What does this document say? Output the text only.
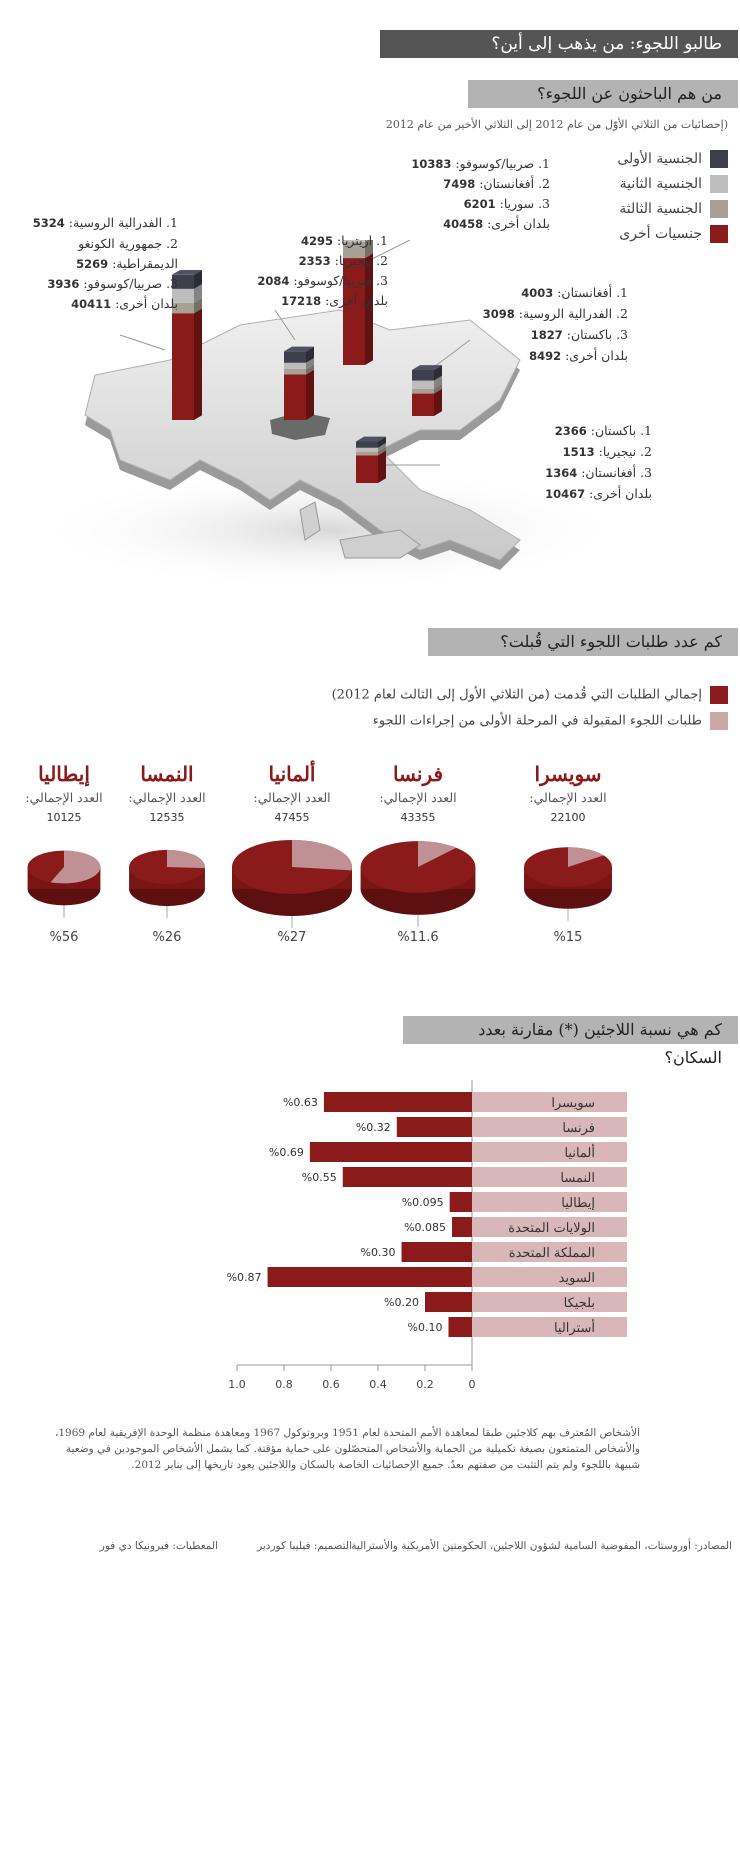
طالبو اللجوء: من يذهب إلى أين؟
من هم الباحثون عن اللجوء؟
(إحصائيات من الثلاثي الأوّل من عام 2012 إلى الثلاثي الأخير من عام 2012
الجنسية الأولى
الجنسية الثانية
الجنسية الثالثة
جنسيات أخرى
1. صربيا/كوسوفو: 10383
2. أفغانستان: 7498
3. سوريا: 6201
بلدان أخرى: 40458
1. الفدرالية الروسية: 5324
2. جمهورية الكونغو
الديمقراطية: 5269
3. صربيا/كوسوفو: 3936
بلدان أخرى: 40411
1. اريتريا: 4295
2. نيجيريا: 2353
3. صربيا/كوسوفو: 2084
بلدان أخرى: 17218
1. أفغانستان: 4003
2. الفدرالية الروسية: 3098
3. باكستان: 1827
بلدان أخرى: 8492
1. باكستان: 2366
2. نيجيريا: 1513
3. أفغانستان: 1364
بلدان أخرى: 10467
كم عدد طلبات اللجوء التي قُبلت؟
إجمالي الطلبات التي قُدمت (من الثلاثي الأول إلى الثالث لعام 2012)
طلبات اللجوء المقبولة في المرحلة الأولى من إجراءات اللجوء
سويسرا
العدد الإجمالي:
22100
%15
فرنسا
العدد الإجمالي:
43355
%11.6
ألمانيا
العدد الإجمالي:
47455
%27
النمسا
العدد الإجمالي:
12535
%26
إيطاليا
العدد الإجمالي:
10125
%56
كم هي نسبة اللاجئين (*) مقارنة بعدد السكان؟
سويسرا
%0.63
فرنسا
%0.32
ألمانيا
%0.69
النمسا
%0.55
إيطاليا
%0.095
الولايات المتحدة
%0.085
المملكة المتحدة
%0.30
السويد
%0.87
بلجيكا
%0.20
أستراليا
%0.10
1.0	0.8	0.6	0.4	0.2	0
الأشخاص المُعترف بهم كلاجئين طبقا لمعاهدة الأمم المتحدة لعام 1951 وبروتوكول 1967 ومعاهدة منظمة الوحدة الإفريقية لعام 1969،
والأشخاص المتمتعون بصيغة تكميلية من الحماية والأشخاص المتحصّلون على حماية مؤقتة. كما يشمل الأشخاص الموجودين في وضعية
شبيهة باللجوء ولم يتم التثبت من صفتهم بعدُ. جميع الإحصائيات الخاصة بالسكان واللاجئين يعود تاريخها إلى يناير 2012.
المصادر: أوروستات، المفوضية السامية لشؤون اللاجئين، الحكومتين الأمريكية والأسترالية
التصميم: فيليبا كوردير
المعطيات: فيرونيكا دي فور
